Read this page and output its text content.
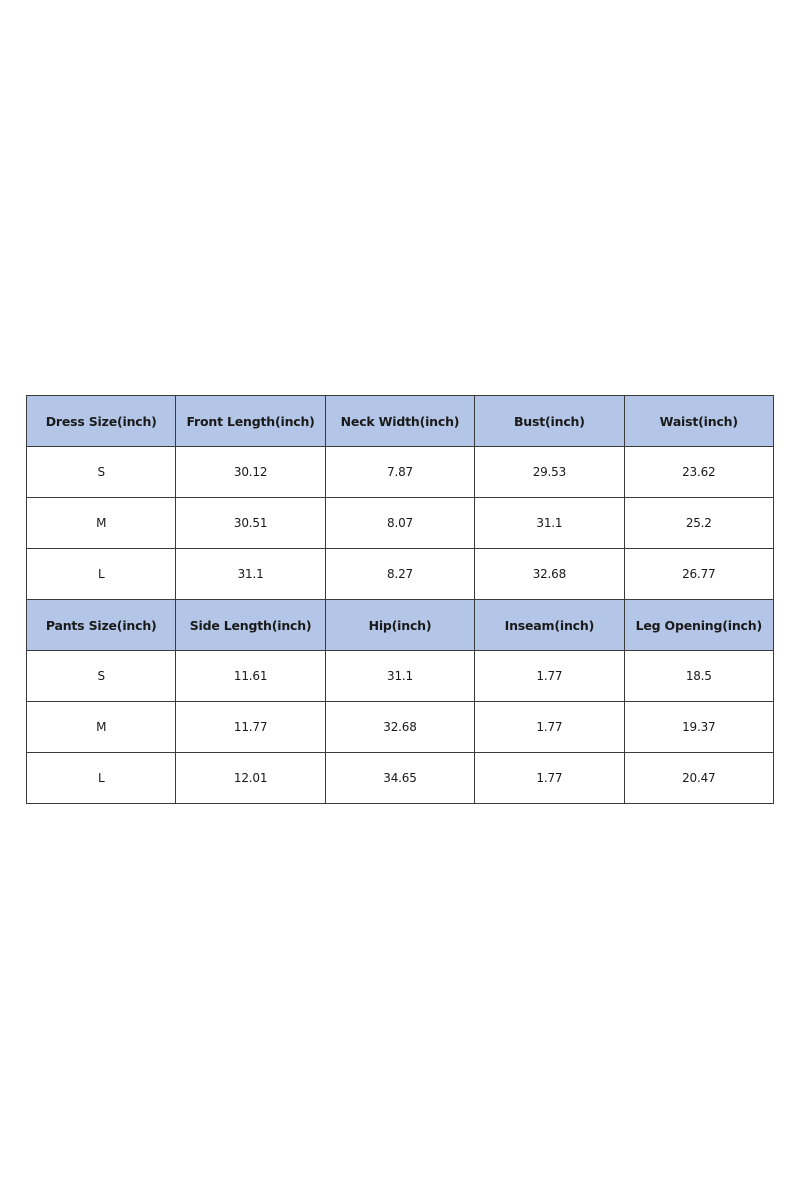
Dress Size(inch)	Front Length(inch)	Neck Width(inch)	Bust(inch)	Waist(inch)
S	30.12	7.87	29.53	23.62
M	30.51	8.07	31.1	25.2
L	31.1	8.27	32.68	26.77
Pants Size(inch)	Side Length(inch)	Hip(inch)	Inseam(inch)	Leg Opening(inch)
S	11.61	31.1	1.77	18.5
M	11.77	32.68	1.77	19.37
L	12.01	34.65	1.77	20.47
